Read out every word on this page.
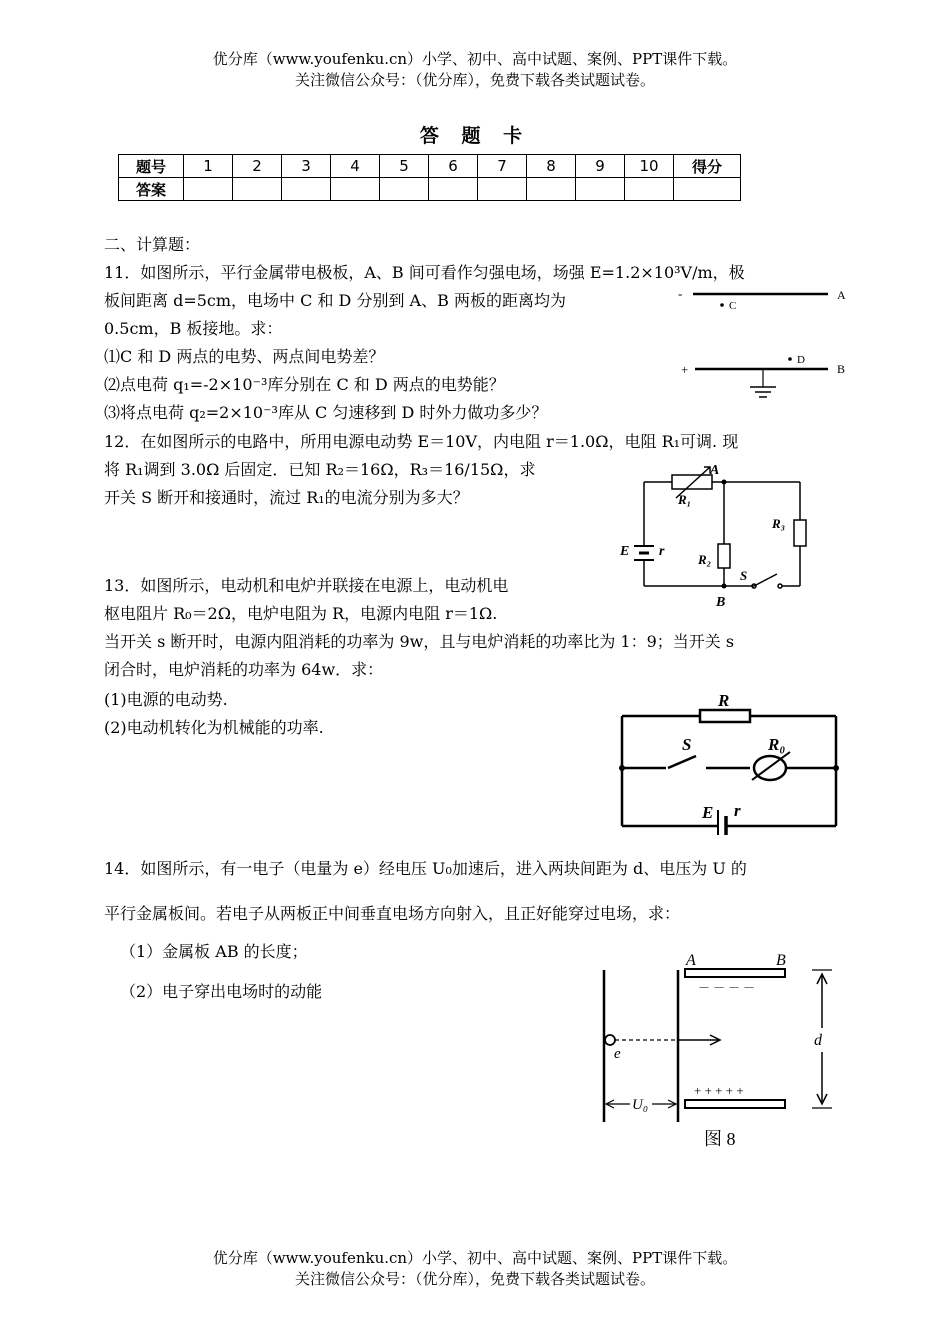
优分库（www.youfenku.cn）小学、初中、高中试题、案例、PPT课件下载。
关注微信公众号：（优分库），免费下载各类试题试卷。
答 题 卡
题号	1	2	3	4	5	6	7	8	9	10	得分
答案											
二、计算题：
11．如图所示，平行金属带电极板，A、B 间可看作匀强电场，场强 E=1.2×10³V/m，极
板间距离 d=5cm，电场中 C 和 D 分别到 A、B 两板的距离均为
0.5cm，B 板接地。求：
⑴C 和 D 两点的电势、两点间电势差？
⑵点电荷 q₁=-2×10⁻³库分别在 C 和 D 两点的电势能？
⑶将点电荷 q₂=2×10⁻³库从 C 匀速移到 D 时外力做功多少？
-	A
C
+	B
D
12．在如图所示的电路中，所用电源电动势 E＝10V，内电阻 r＝1.0Ω，电阻 R₁可调. 现
将 R₁调到 3.0Ω 后固定．已知 R₂＝16Ω，R₃＝16/15Ω，求
开关 S 断开和接通时，流过 R₁的电流分别为多大？
A
B
R₁
R₂
R₃
E r
S
13．如图所示，电动机和电炉并联接在电源上，电动机电
枢电阻片 R₀＝2Ω，电炉电阻为 R，电源内电阻 r＝1Ω.
当开关 s 断开时，电源内阻消耗的功率为 9w，且与电炉消耗的功率比为 1：9；当开关 s
闭合时，电炉消耗的功率为 64w．求：
(1)电源的电动势.
(2)电动机转化为机械能的功率.
R
S	R₀
E r
14．如图所示，有一电子（电量为 e）经电压 U₀加速后，进入两块间距为 d、电压为 U 的
平行金属板间。若电子从两板正中间垂直电场方向射入，且正好能穿过电场，求：
（1）金属板 AB 的长度；
（2）电子穿出电场时的动能
A	B
e
d
U₀
－ － － －
+ + + + +
图 8
优分库（www.youfenku.cn）小学、初中、高中试题、案例、PPT课件下载。
关注微信公众号：（优分库），免费下载各类试题试卷。
